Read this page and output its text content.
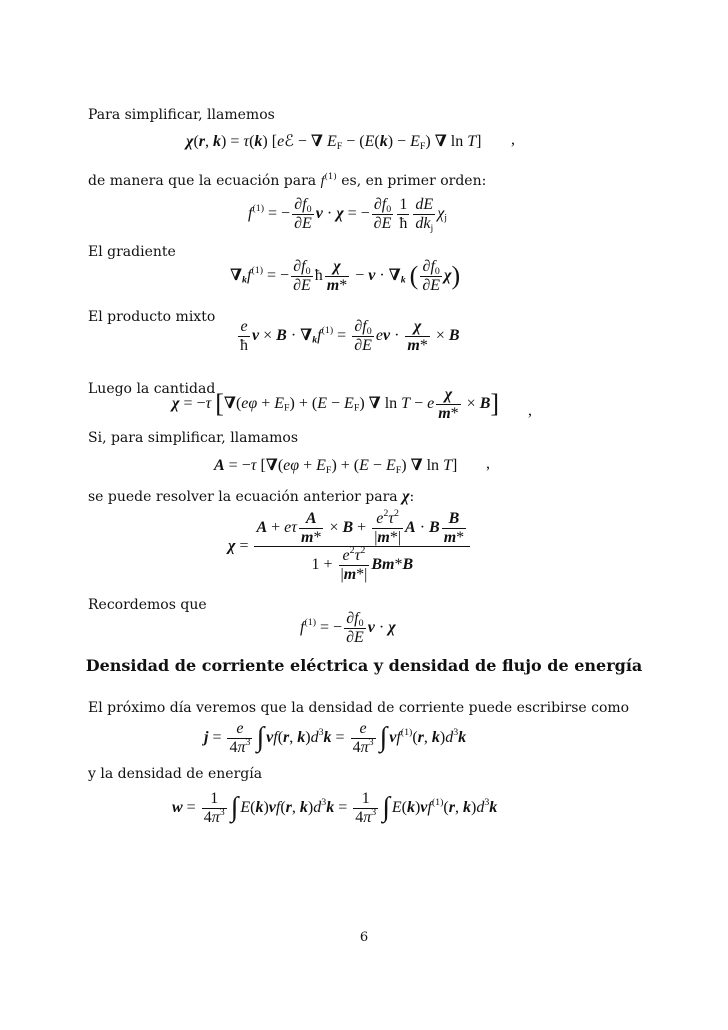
Para simplificar, llamemos
χ(r, k) = τ(k) [eℰ − ∇ $E_F - (E(k) - E_F)$ ∇ ln T] ,
de manera que la ecuación para $f^{(1)}$ es, en primer orden:
$f^{(1)}$ = − $\frac{\partial f_0}{\partial E}$ v · χ = − $\frac{\partial f_0}{\partial E} \frac{1}{ħ}$ dE
$dk_j$
$\chi_j$
El gradiente
$\nabla_kf^{(1)}$ = − $\frac{\partial f_0}{\partial E}$ ħ $\frac{\chi}{m*} - v \cdot \nabla_k$ ( $\frac{\partial f_0}{\partial E} \chi$)
El producto mixto
$\frac{e}{ħ}$ $v \times B \cdot \nabla_kf^{(1)} = \frac{\partial f_0}{\partial E}$ ev · $\frac{\chi}{m*} \times B$
Luego la cantidad
χ = −τ [$\nabla(e\varphi + E_F) + (E - E_F)$ ∇ ln T − e $\frac{\chi}{m*} \times B$] ,
Si, para simplificar, llamamos
A = −τ [$\nabla(e\varphi + E_F) + (E - E_F)$ ∇ ln T] ,
se puede resolver la ecuación anterior para χ:
χ =
A + eτ $\frac{A}{m*} \times B + \frac{e^2\tau^2}{|m*|}$ A · B $\frac{B}{m*}$
$1 + \frac{e^2\tau^2}{|m*|} Bm*B$
Recordemos que
$f^{(1)}$ = − $\frac{\partial f_0}{\partial E}$ v · χ
Densidad de corriente eléctrica y densidad de flujo de energía
El próximo día veremos que la densidad de corriente puede escribirse como
$j = \frac{e}{4\pi^3}$ ∫ vf(r, $k)d^3k = \frac{e}{4\pi^3}$ ∫ $vf^{(1)}(r$, $k)d^3k$
y la densidad de energía
$w = \frac{1}{4\pi^3}$ ∫ E(k)vf(r, $k)d^3k = \frac{1}{4\pi^3}$ ∫ $E(k)vf^{(1)}(r$, $k)d^3k$
6
